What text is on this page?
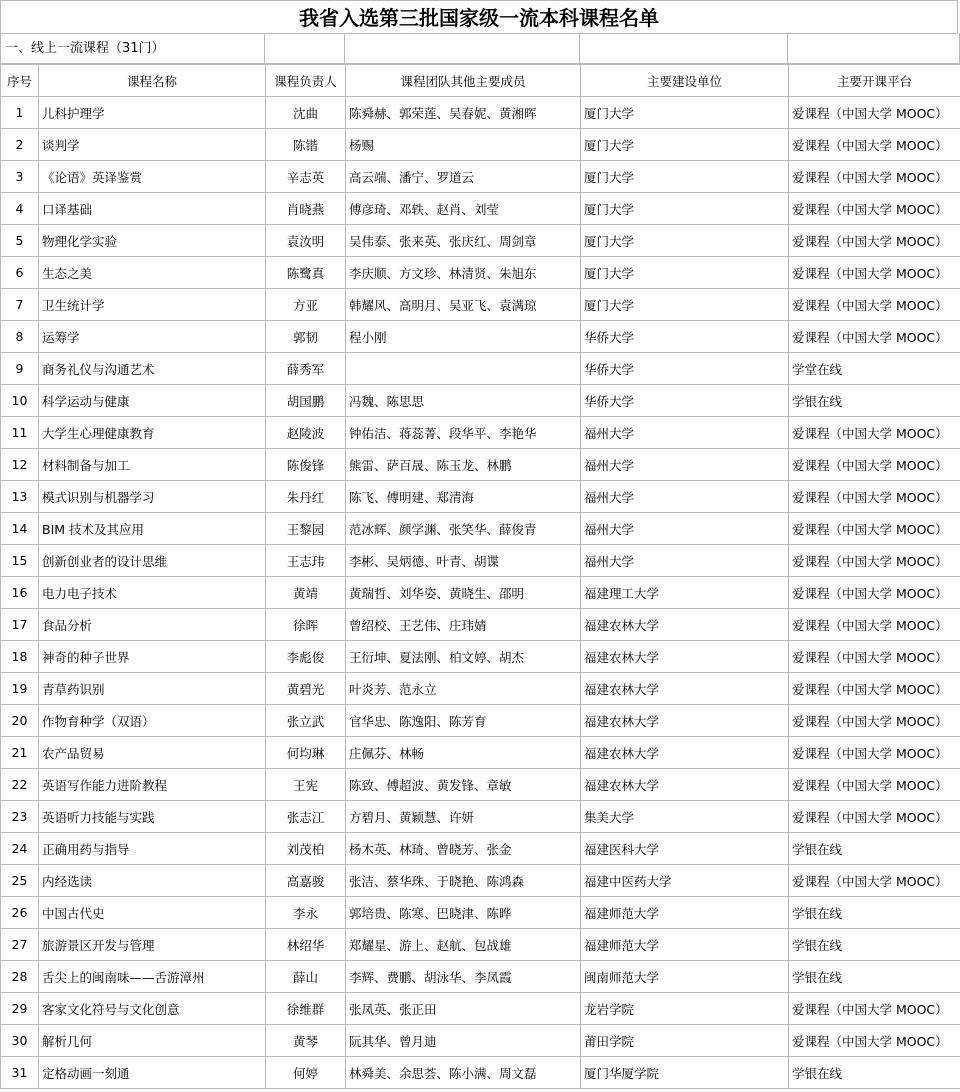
我省入选第三批国家级一流本科课程名单
一、线上一流课程（31门）
序号	课程名称	课程负责人	课程团队其他主要成员	主要建设单位	主要开课平台
1	儿科护理学	沈曲	陈舜赫、郭荣莲、吴春妮、黄湘晖	厦门大学	爱课程（中国大学 MOOC）
2	谈判学	陈锴	杨赐	厦门大学	爱课程（中国大学 MOOC）
3	《论语》英译鉴赏	辛志英	高云端、潘宁、罗道云	厦门大学	爱课程（中国大学 MOOC）
4	口译基础	肖晓燕	傅彦琦、邓轶、赵肖、刘莹	厦门大学	爱课程（中国大学 MOOC）
5	物理化学实验	袁汝明	吴伟泰、张来英、张庆红、周剑章	厦门大学	爱课程（中国大学 MOOC）
6	生态之美	陈鹭真	李庆顺、方文珍、林清贤、朱旭东	厦门大学	爱课程（中国大学 MOOC）
7	卫生统计学	方亚	韩耀风、高明月、吴亚飞、袁满琼	厦门大学	爱课程（中国大学 MOOC）
8	运筹学	郭韧	程小刚	华侨大学	爱课程（中国大学 MOOC）
9	商务礼仪与沟通艺术	薛秀军		华侨大学	学堂在线
10	科学运动与健康	胡国鹏	冯魏、陈思思	华侨大学	学银在线
11	大学生心理健康教育	赵陵波	钟佑洁、蒋蕊菁、段华平、李艳华	福州大学	爱课程（中国大学 MOOC）
12	材料制备与加工	陈俊锋	熊雷、萨百晟、陈玉龙、林鹏	福州大学	爱课程（中国大学 MOOC）
13	模式识别与机器学习	朱丹红	陈飞、傅明建、郑清海	福州大学	爱课程（中国大学 MOOC）
14	BIM 技术及其应用	王黎园	范冰辉、颜学渊、张笑华、薛俊青	福州大学	爱课程（中国大学 MOOC）
15	创新创业者的设计思维	王志玮	李彬、吴炳德、叶青、胡谍	福州大学	爱课程（中国大学 MOOC）
16	电力电子技术	黄靖	黄瑞哲、刘华姿、黄晓生、邵明	福建理工大学	爱课程（中国大学 MOOC）
17	食品分析	徐晖	曾绍校、王艺伟、庄玮婧	福建农林大学	爱课程（中国大学 MOOC）
18	神奇的种子世界	李彪俊	王衍坤、夏法刚、柏文婷、胡杰	福建农林大学	爱课程（中国大学 MOOC）
19	青草药识别	黄碧光	叶炎芳、范永立	福建农林大学	爱课程（中国大学 MOOC）
20	作物育种学（双语）	张立武	官华忠、陈逸阳、陈芳育	福建农林大学	爱课程（中国大学 MOOC）
21	农产品贸易	何均琳	庄佩芬、林畅	福建农林大学	爱课程（中国大学 MOOC）
22	英语写作能力进阶教程	王宪	陈致、傅超波、黄发锋、章敏	福建农林大学	爱课程（中国大学 MOOC）
23	英语听力技能与实践	张志江	方碧月、黄颖慧、许妍	集美大学	爱课程（中国大学 MOOC）
24	正确用药与指导	刘茂柏	杨木英、林琦、曾晓芳、张金	福建医科大学	学银在线
25	内经选读	高嘉骏	张洁、蔡华珠、于晓艳、陈鸿森	福建中医药大学	爱课程（中国大学 MOOC）
26	中国古代史	李永	郭培贵、陈寒、巴晓津、陈晔	福建师范大学	学银在线
27	旅游景区开发与管理	林绍华	郑耀星、游上、赵航、包战雄	福建师范大学	学银在线
28	舌尖上的闽南味——舌游漳州	薛山	李辉、费鹏、胡泳华、李凤霞	闽南师范大学	学银在线
29	客家文化符号与文化创意	徐维群	张凤英、张正田	龙岩学院	爱课程（中国大学 MOOC）
30	解析几何	黄琴	阮其华、曾月迪	莆田学院	爱课程（中国大学 MOOC）
31	定格动画一刻通	何婷	林舜美、余思荟、陈小满、周文磊	厦门华厦学院	学银在线
